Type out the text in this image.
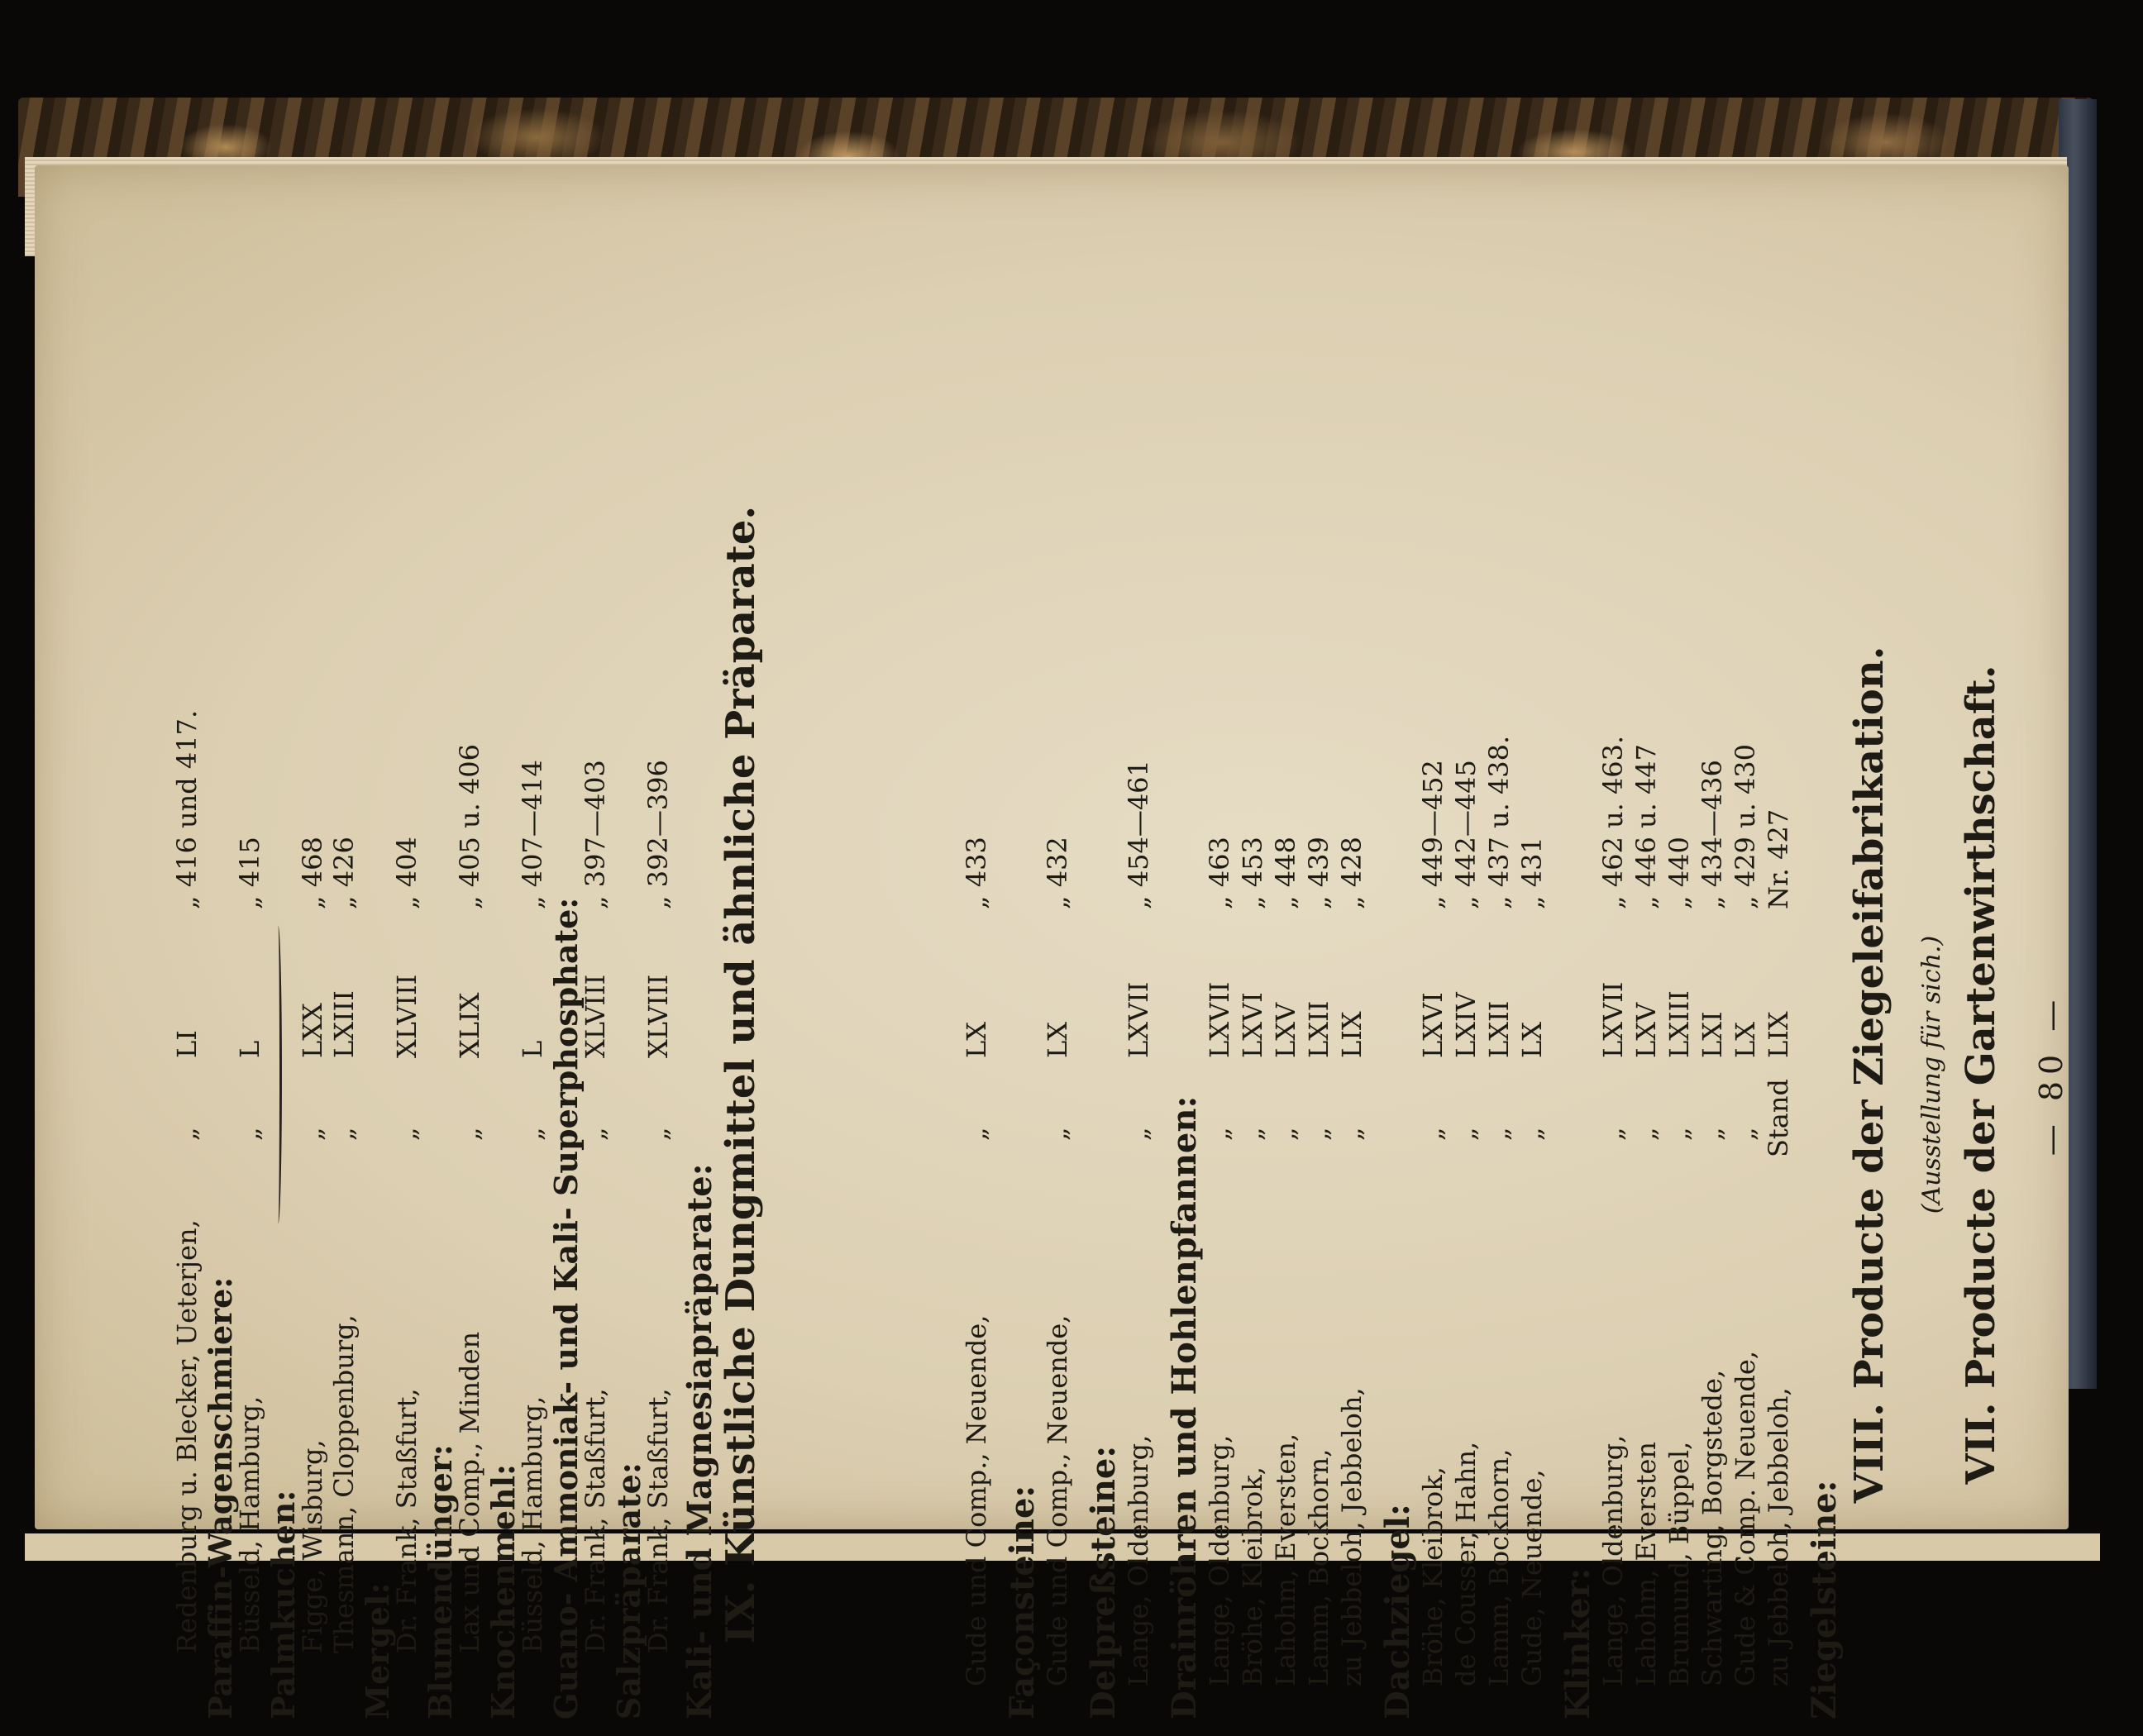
— 80 —
VII. Producte der Gartenwirthschaft.
(Ausstellung für sich.)
VIII. Producte der Ziegeleifabrikation.
Ziegelsteine:
zu Jebbeloh, Jebbeloh,
Stand
LIX
Nr. 427
Gude & Comp. Neuende,
„
LX
„ 429 u. 430
Schwarting, Borgstede,
„
LXI
„ 434—436
Brumund, Büppel,
„
LXIII
„ 440
Lahohm, Eversten
„
LXV
„ 446 u. 447
Lange, Oldenburg,
„
LXVII
„ 462 u. 463.
Klinker:
Gude, Neuende,
„
LX
„ 431
Lamm, Bockhorn,
„
LXII
„ 437 u. 438.
de Cousser, Hahn,
„
LXIV
„ 442—445
Bröhe, Kleibrok,
„
LXVI
„ 449—452
Dachziegel:
zu Jebbeloh, Jebbeloh,
„
LIX
„ 428
Lamm, Bockhorn,
„
LXII
„ 439
Lahohm, Eversten,
„
LXV
„ 448
Bröhe, Kleibrok,
„
LXVI
„ 453
Lange, Oldenburg,
„
LXVII
„ 463
Drainröhren und Hohlenpfannen:
Lange, Oldenburg,
„
LXVII
„ 454—461
Delpreßsteine:
Gude und Comp., Neuende,
„
LX
„ 432
Façonsteine:
Gude und Comp., Neuende,
„
LX
„ 433
IX. Künstliche Dungmittel und ähnliche Präparate.
Kali- und Magnesiapräparate:
Dr. Frank, Staßfurt,
„
XLVIII
„ 392—396
Salzpräparate:
Dr. Frank, Staßfurt,
„
XLVIII
„ 397—403
Guano- Ammoniak- und Kali- Superphosphate:
Büsseld, Hamburg,
„
L
„ 407—414
Knochenmehl:
Lax und Comp., Minden
„
XLIX
„ 405 u. 406
Blumendünger:
Dr. Frank, Staßfurt,
„
XLVIII
„ 404
Mergel:
Thesmann, Cloppenburg,
„
LXIII
„ 426
Figge, Wisburg,
„
LXX
„ 468
Palmkuchen:
Büsseld, Hamburg,
„
L
„ 415
Paraffin-Wagenschmiere:
Redenburg u. Blecker, Ueterjen,
„
LI
„ 416 und 417.
